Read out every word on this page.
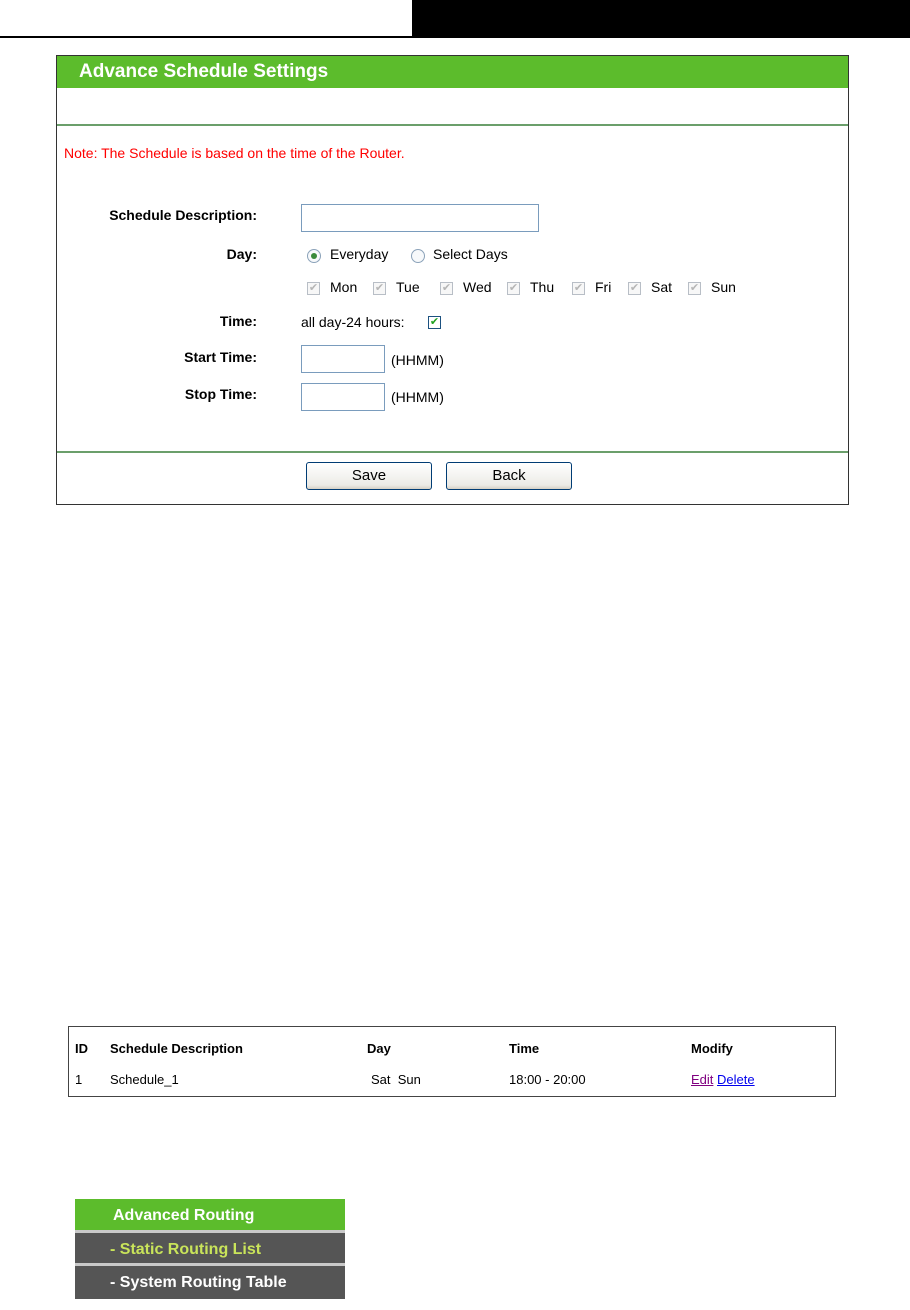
Advance Schedule Settings
Note: The Schedule is based on the time of the Router.
Schedule Description:
Day:	Everyday	Select Days
Time:	all day-24 hours: ✔
Start Time:	(HHMM)
Stop Time:	(HHMM)
Save	Back
✔ Mon ✔ Tue ✔ Wed ✔ Thu ✔ Fri ✔ Sat ✔ Sun
ID Schedule Description	Day	Time	Modify
1 Schedule_1	Sat  Sun	18:00 - 20:00	Edit Delete
Advanced Routing
- Static Routing List
- System Routing Table
